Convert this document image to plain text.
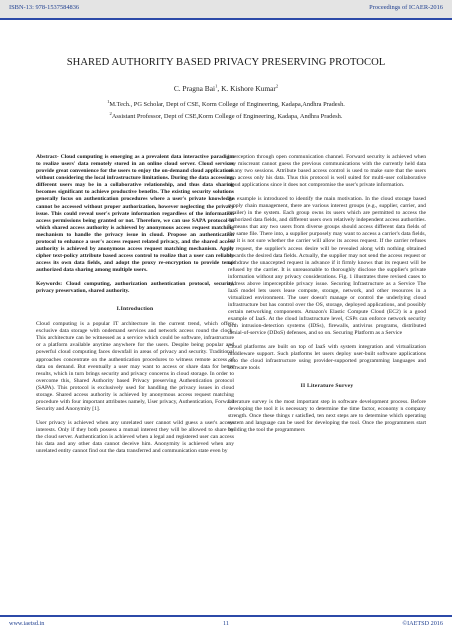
ISBN-13: 978-1537584836	Proceedings of ICAER-2016
SHARED AUTHORITY BASED PRIVACY PRESERVING PROTOCOL
C. Pragna Bai$^1$, K. Kishore Kumar$^2$
$^1$M.Tech., PG Scholar, Dept of CSE, Korm College of Engineering, Kadapa,Andhra Pradesh.
$^2$Assistant Professor, Dept of CSE,Korm College of Engineering, Kadapa, Andhra Pradesh.

Abstract- Cloud computing is emerging as a prevalent data interactive paradigm to realize users' data remotely stored in an online cloud server. Cloud services provide great convenience for the users to enjoy the on-demand cloud applications without considering the local infrastructure limitations. During the data accessing, different users may be in a collaborative relationship, and thus data sharing becomes significant to achieve productive benefits. The existing security solutions generally focus on authentication procedures where a user's private knowledge cannot be accessed without proper authorization, however neglecting the privacy issue. This could reveal user's private information regardless of the information access permissions being granted or not. Therefore, we can use SAPA protocol in which shared access authority is achieved by anonymous access request matching mechanism to handle the privacy issue in cloud. Propose an authentication protocol to enhance a user's access request related privacy, and the shared access authority is achieved by anonymous access request matching mechanism. Apply cipher text-policy attribute based access control to realize that a user can reliably access its own data fields, and adopt the proxy re-encryption to provide temp authorized data sharing among multiple users.

Keywords: Cloud computing, authorization authentication protocol, security, privacy preservation, shared authority.

I.Introduction

Cloud computing is a popular IT architecture in the current trend, which offers exclusive data storage with ondemand services and network access round the clock. This architecture can be witnessed as a service which could be software, infrastructure or a platform available anytime anywhere for the users. Despite being popular and powerful cloud computing faces downfall in areas of privacy and security. Traditional approaches concentrate on the authentication procedures to witness remote access of data on demand. But eventually a user may want to access or share data for better results, which in turn brings security and privacy concerns in cloud storage. In order to overcome this, Shared Authority based Privacy preserving Authentication protocol (SAPA). This protocol is exclusively used for handling the privacy issues in cloud storage. Shared access authority is achieved by anonymous access request matching procedure with four important attributes namely, User privacy, Authentication, Forward Security and Anonymity [1].

User privacy is achieved when any unrelated user cannot wild guess a user's access interests. Only if they both possess a mutual interest they will be allowed to share by the cloud server. Authentication is achieved when a legal and registered user can access his data and any other data cannot deceive him. Anonymity is achieved when any unrelated entity cannot find out the data transferred and communication state even by

interception through open communication channel. Forward security is achieved when any miscreant cannot guess the previous communications with the currently held data of any two sessions. Attribute based access control is used to make sure that the users can access only his data. Thus this protocol is well suited for multi-user collaborative cloud applications since it does not compromise the user's private information.

An example is introduced to identify the main motivation. In the cloud storage based supply chain management, there are various interest groups (e.g., supplier, carrier, and retailer) in the system. Each group owns its users which are permitted to access the authorized data fields, and different users own relatively independent access authorities. It means that any two users from diverse groups should access different data fields of the same file. There into, a supplier purposely may want to access a carrier's data fields, but it is not sure whether the carrier will allow its access request. If the carrier refuses its request, the supplier's access desire will be revealed along with nothing obtained towards the desired data fields. Actually, the supplier may not send the access request or withdraw the unaccepted request in advance if it firmly knows that its request will be refused by the carrier. It is unreasonable to thoroughly disclose the supplier's private information without any privacy considerations. Fig. 1 illustrates three revised cases to address above imperceptible privacy issue. Securing Infrastructure as a Service The IaaS model lets users lease compute, storage, network, and other resources in a virtualized environment. The user doesn't manage or control the underlying cloud infrastructure but has control over the OS, storage, deployed applications, and possibly certain networking components. Amazon's Elastic Compute Cloud (EC2) is a good example of IaaS. At the cloud infrastructure level, CSPs can enforce network security with intrusion-detection systems (IDSs), firewalls, antivirus programs, distributed denial-of-service (DDoS) defenses, and so on. Securing Platform as a Service

Cloud platforms are built on top of IaaS with system integration and virtualization middleware support. Such platforms let users deploy user-built software applications onto the cloud infrastructure using provider-supported programming languages and software tools

II Literature Survey

Literature survey is the most important step in software development process. Before developing the tool it is necessary to determine the time factor, economy n company strength. Once these things r satisfied, ten next steps are to determine which operating system and language can be used for developing the tool. Once the programmers start building the tool the programmers

www.iaetsd.in	11	©IAETSD 2016
